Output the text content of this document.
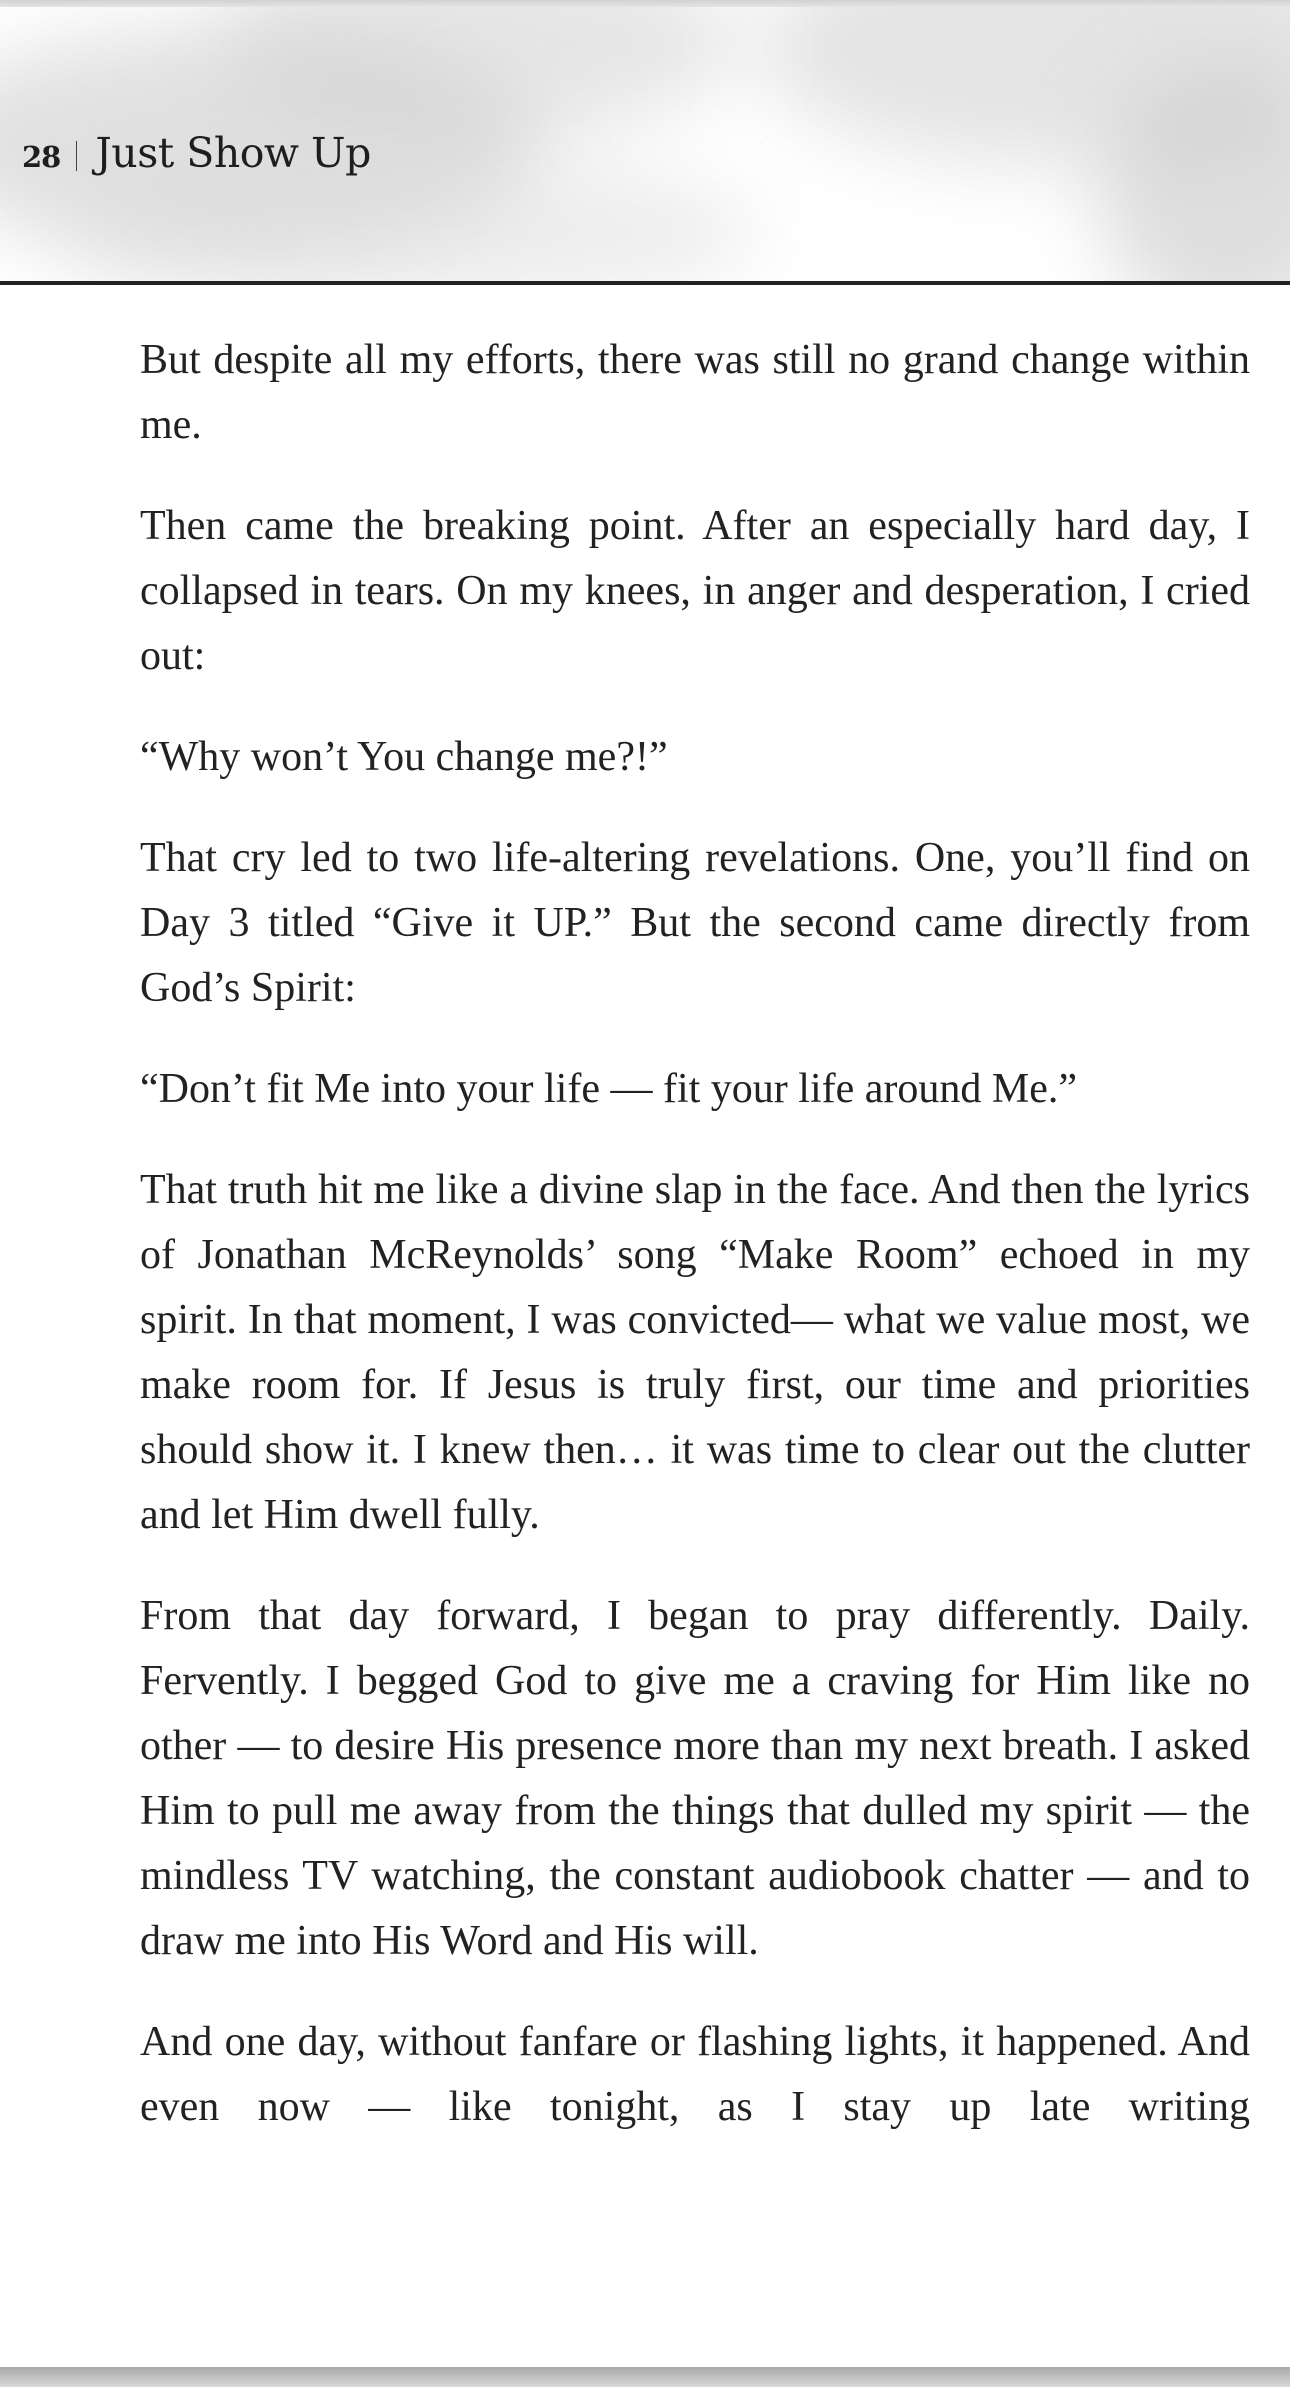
28 Just Show Up

But despite all my efforts, there was still no grand change within me.

Then came the breaking point. After an especially hard day, I collapsed in tears. On my knees, in anger and desperation, I cried out:

“Why won’t You change me?!”

That cry led to two life-altering revelations. One, you’ll find on Day 3 titled “Give it UP.” But the second came directly from God’s Spirit:

“Don’t fit Me into your life — fit your life around Me.”

That truth hit me like a divine slap in the face. And then the lyrics of Jonathan McReynolds’ song “Make Room” echoed in my spirit. In that moment, I was convicted— what we value most, we make room for. If Jesus is truly first, our time and priorities should show it. I knew then… it was time to clear out the clutter and let Him dwell fully.

From that day forward, I began to pray differently. Daily. Fervently. I begged God to give me a craving for Him like no other — to desire His presence more than my next breath. I asked Him to pull me away from the things that dulled my spirit — the mindless TV watching, the constant audiobook chatter — and to draw me into His Word and His will.

And one day, without fanfare or flashing lights, it happened. And even now — like tonight, as I stay up late writing
